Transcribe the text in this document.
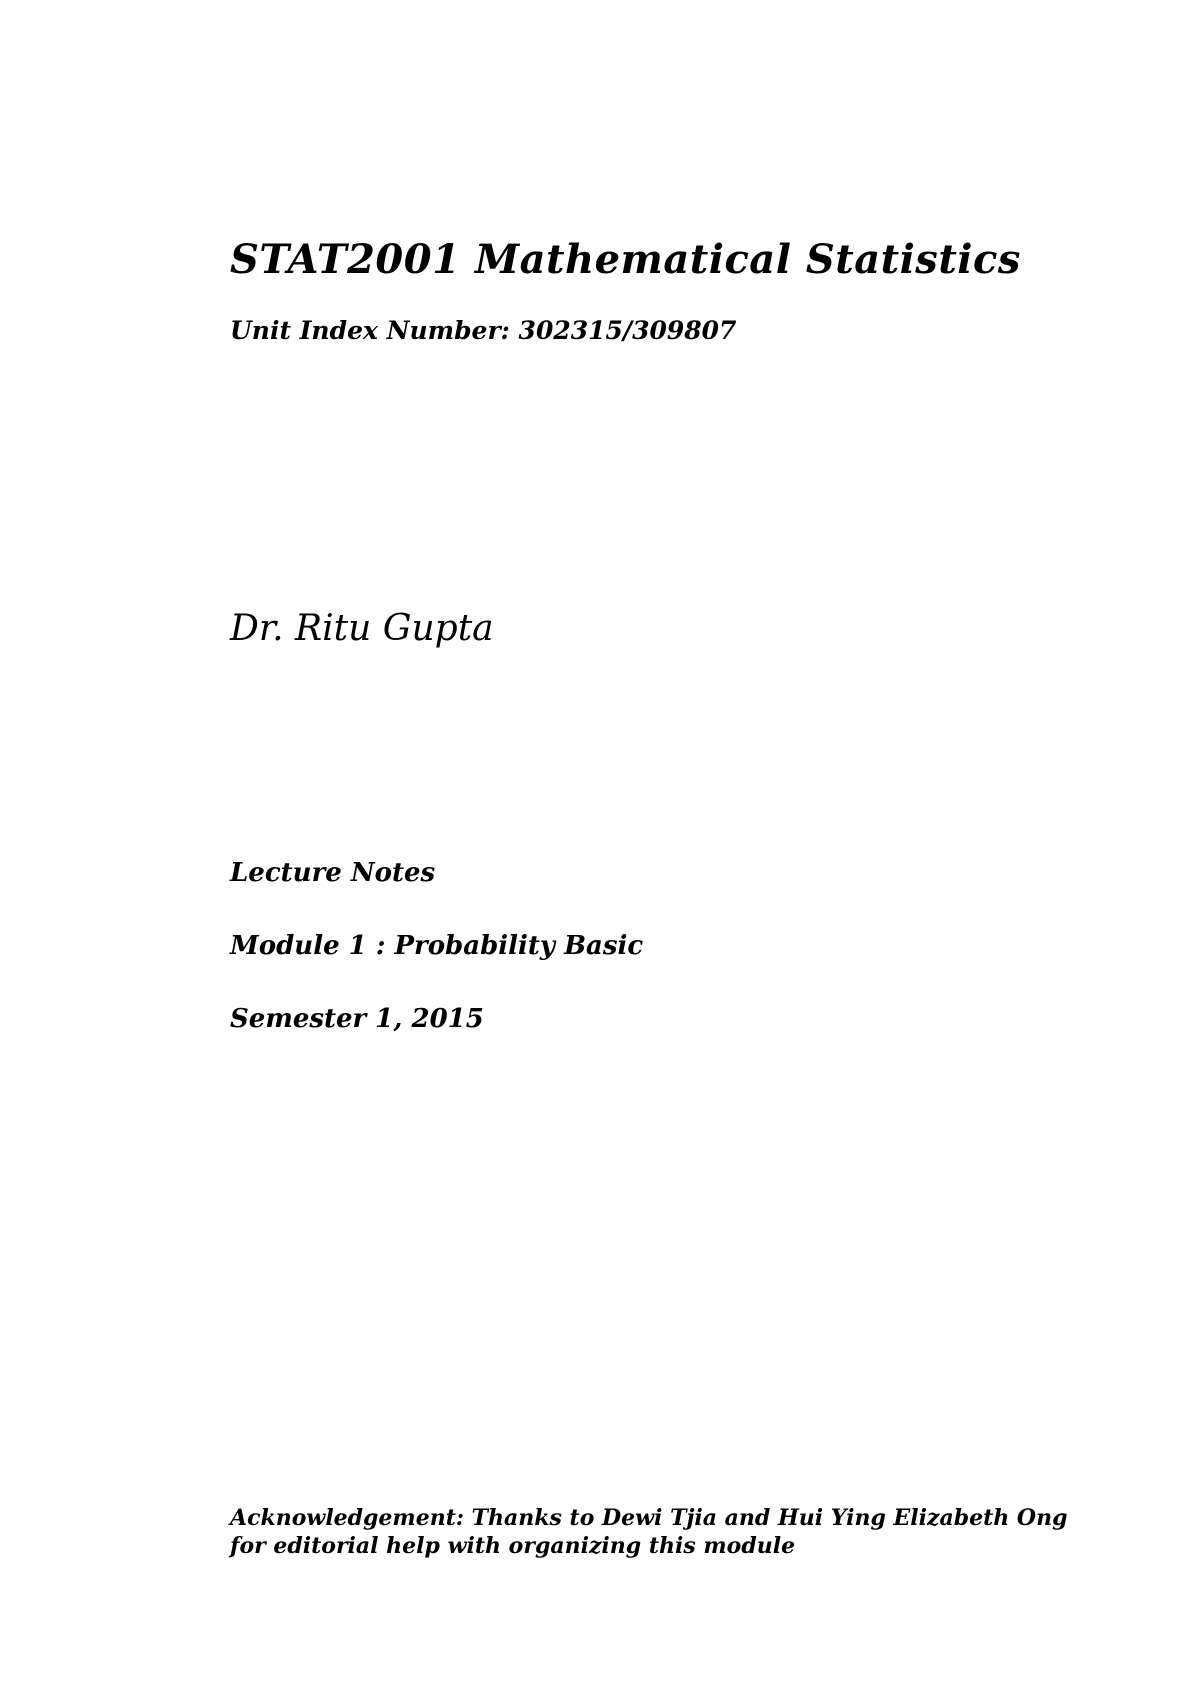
STAT2001 Mathematical Statistics

Unit Index Number: 302315/309807

Dr. Ritu Gupta

Lecture Notes

Module 1 : Probability Basic

Semester 1, 2015

Acknowledgement: Thanks to Dewi Tjia and Hui Ying Elizabeth Ong
for editorial help with organizing this module
